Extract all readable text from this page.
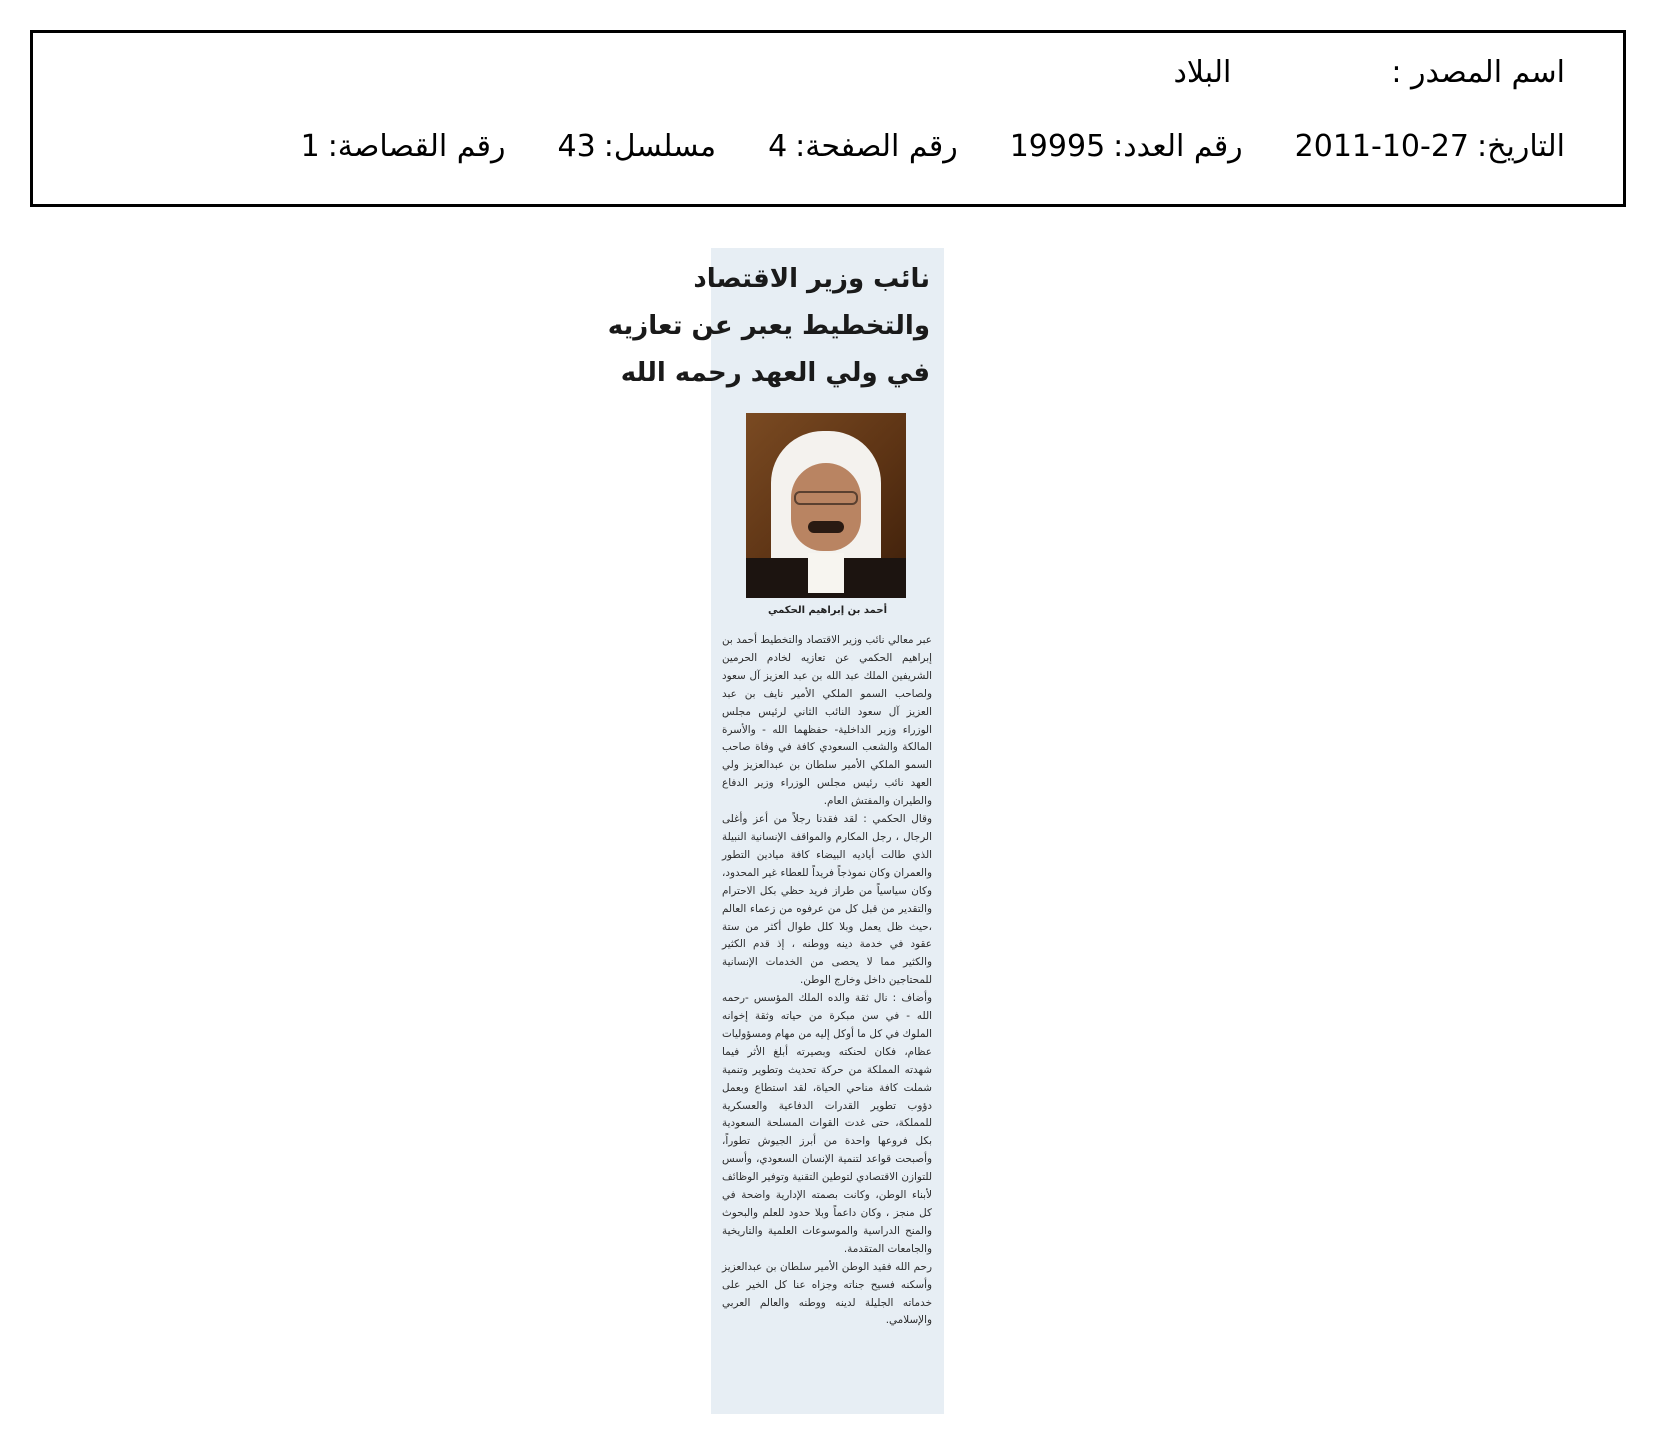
اسم المصدر :
البلاد
التاريخ:
2011-10-27
رقم العدد:
19995
رقم الصفحة:
4
مسلسل:
43
رقم القصاصة:
1
نائب وزير الاقتصاد
والتخطيط يعبر عن تعازيه
في ولي العهد رحمه الله

أحمد بن إبراهيم الحكمي

عبر معالي نائب وزير الاقتصاد والتخطيط أحمد بن إبراهيم الحكمي عن تعازيه لخادم الحرمين الشريفين الملك عبد الله بن عبد العزيز آل سعود ولصاحب السمو الملكي الأمير نايف بن عبد العزيز آل سعود النائب الثاني لرئيس مجلس الوزراء وزير الداخلية- حفظهما الله - والأسرة المالكة والشعب السعودي كافة في وفاة صاحب السمو الملكي الأمير سلطان بن عبدالعزيز ولي العهد نائب رئيس مجلس الوزراء وزير الدفاع والطيران والمفتش العام.

وقال الحكمي : لقد فقدنا رجلاً من أعز وأغلى الرجال ، رجل المكارم والمواقف الإنسانية النبيلة الذي طالت أياديه البيضاء كافة ميادين التطور والعمران وكان نموذجاً فريداً للعطاء غير المحدود، وكان سياسياً من طراز فريد حظي بكل الاحترام والتقدير من قبل كل من عرفوه من زعماء العالم ،حيث ظل يعمل وبلا كلل طوال أكثر من ستة عقود في خدمة دينه ووطنه ، إذ قدم الكثير والكثير مما لا يحصى من الخدمات الإنسانية للمحتاجين داخل وخارج الوطن.

وأضاف : نال ثقة والده الملك المؤسس -رحمه الله - في سن مبكرة من حياته وثقة إخوانه الملوك في كل ما أوكل إليه من مهام ومسؤوليات عظام، فكان لحنكته وبصيرته أبلغ الأثر فيما شهدته المملكة من حركة تحديث وتطوير وتنمية شملت كافة مناحي الحياة، لقد استطاع وبعمل دؤوب تطوير القدرات الدفاعية والعسكرية للمملكة، حتى غدت القوات المسلحة السعودية بكل فروعها واحدة من أبرز الجيوش تطوراً، وأصبحت قواعد لتنمية الإنسان السعودي، وأسس للتوازن الاقتصادي لتوطين التقنية وتوفير الوظائف لأبناء الوطن، وكانت بصمته الإدارية واضحة في كل منجز ، وكان داعماً وبلا حدود للعلم والبحوث والمنح الدراسية والموسوعات العلمية والتاريخية والجامعات المتقدمة.

رحم الله فقيد الوطن الأمير سلطان بن عبدالعزيز وأسكنه فسيح جناته وجزاه عنا كل الخير على خدماته الجليلة لدينه ووطنه والعالم العربي والإسلامي.
